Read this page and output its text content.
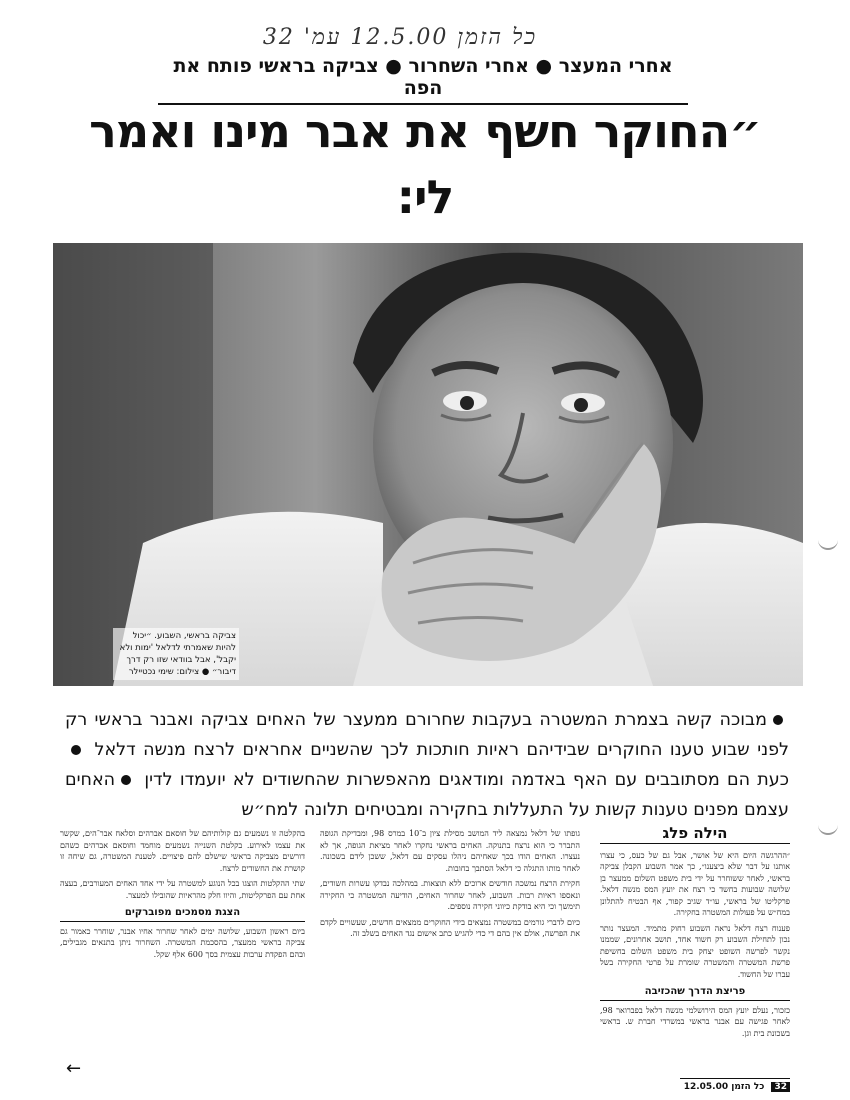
כל הזמן 12.5.00 עמ' 32
אחרי המעצר ● אחרי השחרור ● צביקה בראשי פותח את הפה
״החוקר חשף את אבר מינו ואמר לי:
צביקה בראשי, השבוע. ״יכול להיות שאמרתי לדלאל 'ימות ולא יקבל', אבל בוודאי שזו רק דרך דיבור״ ● צילום: שימי נכטיילר
מבוכה קשה בצמרת המשטרה בעקבות שחרורם ממעצר של האחים צביקה ואבנר בראשי רק לפני שבוע טענו החוקרים שבידיהם ראיות חותכות לכך שהשניים אחראים לרצח מנשה דלאל כעת הם מסתובבים עם האף באדמה ומודאגים מהאפשרות שהחשודים לא יועמדו לדין האחים עצמם מפנים טענות קשות על התעללות בחקירה ומבטיחים תלונה למח״ש
הילה פלג

״ההרגשה היום היא של אושר, אבל גם של כעס, כי עצרו אותנו על דבר שלא ביצענו״, כך אמר השבוע הקבלן צביקה בראשי, לאחר ששוחרר על ידי בית משפט השלום ממעצר בן שלושה שבועות בחשד כי רצח את יועץ המס מנשה דלאל. פרקליטו של בראשי, עו״ד שגיב קפור, אף הבטיח להתלונן במח״ש על פעולות המשטרה בחקירה.

פענוח רצח דלאל נראה השבוע רחוק מתמיד. המעצר נותר נכון לתחילת השבוע רק חשוד אחד, תושב אחרונים, שממנו נקשר לפרשה השופט יצחק בית משפט השלום בחשיפת פרשת המשטרה והמשטרה שומרת על פרטי החקירה בשל עברו של החשוד.

פריצת הדרך שהכזיבה

כזכור, נעלם יועץ המס הירושלמי מנשה דלאל בפברואר 98, לאחר פגישה עם אבנר בראשי במשרדי חברת ש. בראשי בשכונת בית וגן.

גופתו של דלאל נמצאה ליד המושב מסילת ציון ב־10 במרס 98, ומבדיקת הגופה התברר כי הוא נרצח בתנוקה. האחים בראשי נחקרו לאחר מציאת הגופה, אך לא נעצרו. האחים הודו בכך שאחיהם ניהלו עסקים עם דלאל, ששכן לידם בשכונה. לאחר מותו התגלה כי דלאל הסתבך בחובות.

חקירת הרצח נמשכה חודשים ארוכים ללא תוצאות. במהלכה נבדקו עשרות חשודים, ונאספו ראיות רבות. השבוע, לאחר שחרור האחים, הודיעה המשטרה כי החקירה תימשך וכי היא בודקת כיווני חקירה נוספים.

כיום לדברי גורמים במשטרה נמצאים בידי החוקרים ממצאים חדשים, שעשויים לקדם את הפרשה, אולם אין בהם די כדי להגיש כתב אישום נגד האחים בשלב זה.

בהקלטה זו נשמעים גם קולותיהם של חוסאם אברהים וסלאח אבר־הים, שקשר את עצמו לאירוע. בקלטת השנייה נשמעים מוחמד וחוסאם אברהים כשהם דורשים מצביקה בראשי שישלם להם פיצויים. לטענת המשטרה, גם שיחה זו קושרת את החשודים לרצח.

שתי ההקלטות הוצגו בכל הנוגע למשטרה על ידי אחד האחים המעורבים, בעצה אחת עם הפרקליטות, והיוו חלק מהראיות שהובילו למעצר.

הצגת מסמכים מפוברקים

ביום ראשון השבוע, שלושה ימים לאחר שחרור אחיו אבנר, שוחרר כאמור גם צביקה בראשי ממעצר, בהסכמת המשטרה. השחרור ניתן בתנאים מגבילים, ובהם הפקדת ערבות עצמית בסך 600 אלף שקל.

←
32 כל הזמן 12.05.00
